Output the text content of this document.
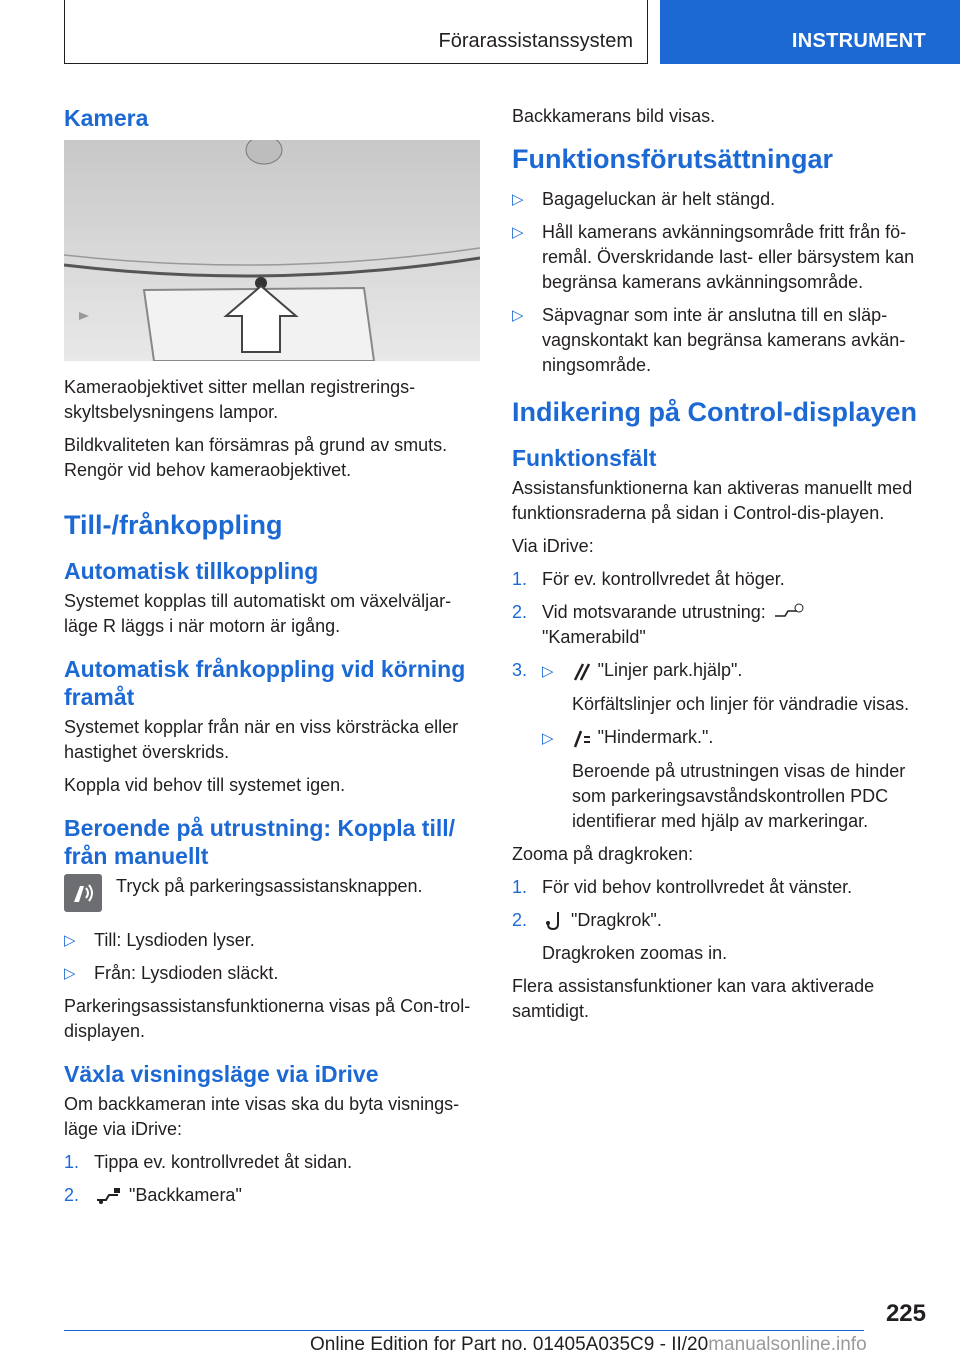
Förarassistanssystem	INSTRUMENT
Kamera

Kameraobjektivet sitter mellan registrerings-skyltsbelysningens lampor.

Bildkvaliteten kan försämras på grund av smuts. Rengör vid behov kameraobjektivet.

Till-/frånkoppling
Automatisk tillkoppling

Systemet kopplas till automatiskt om växelväljar-läge R läggs i när motorn är igång.

Automatisk frånkoppling vid körning framåt

Systemet kopplar från när en viss körsträcka eller hastighet överskrids.

Koppla vid behov till systemet igen.

Beroende på utrustning: Koppla till/ från manuellt
Tryck på parkeringsassistansknappen.
▷ Till: Lysdioden lyser.
▷ Från: Lysdioden släckt.

Parkeringsassistansfunktionerna visas på Con-trol-displayen.

Växla visningsläge via iDrive

Om backkameran inte visas ska du byta visnings-läge via iDrive:

1. Tippa ev. kontrollvredet åt sidan.
2.	"Backkamera"

Backkamerans bild visas.

Funktionsförutsättningar
▷ Bagageluckan är helt stängd.
▷ Håll kamerans avkänningsområde fritt från fö-remål. Överskridande last- eller bärsystem kan begränsa kamerans avkänningsområde.
▷ Säpvagnar som inte är anslutna till en släp-vagnskontakt kan begränsa kamerans avkän-ningsområde.
Indikering på Control-displayen
Funktionsfält

Assistansfunktionerna kan aktiveras manuellt med funktionsraderna på sidan i Control-dis-playen.

Via iDrive:

1. För ev. kontrollvredet åt höger.
2. Vid motsvarande utrustning:
"Kamerabild"
3. ▷ "Linjer park.hjälp".
Körfältslinjer och linjer för vändradie visas.
▷ "Hindermark.".
Beroende på utrustningen visas de hinder som parkeringsavståndskontrollen PDC identifierar med hjälp av markeringar.

Zooma på dragkroken:

1. För vid behov kontrollvredet åt vänster.
2. "Dragkrok".
Dragkroken zoomas in.

Flera assistansfunktioner kan vara aktiverade samtidigt.

225
Online Edition for Part no. 01405A035C9 - II/20manualsonline.info
